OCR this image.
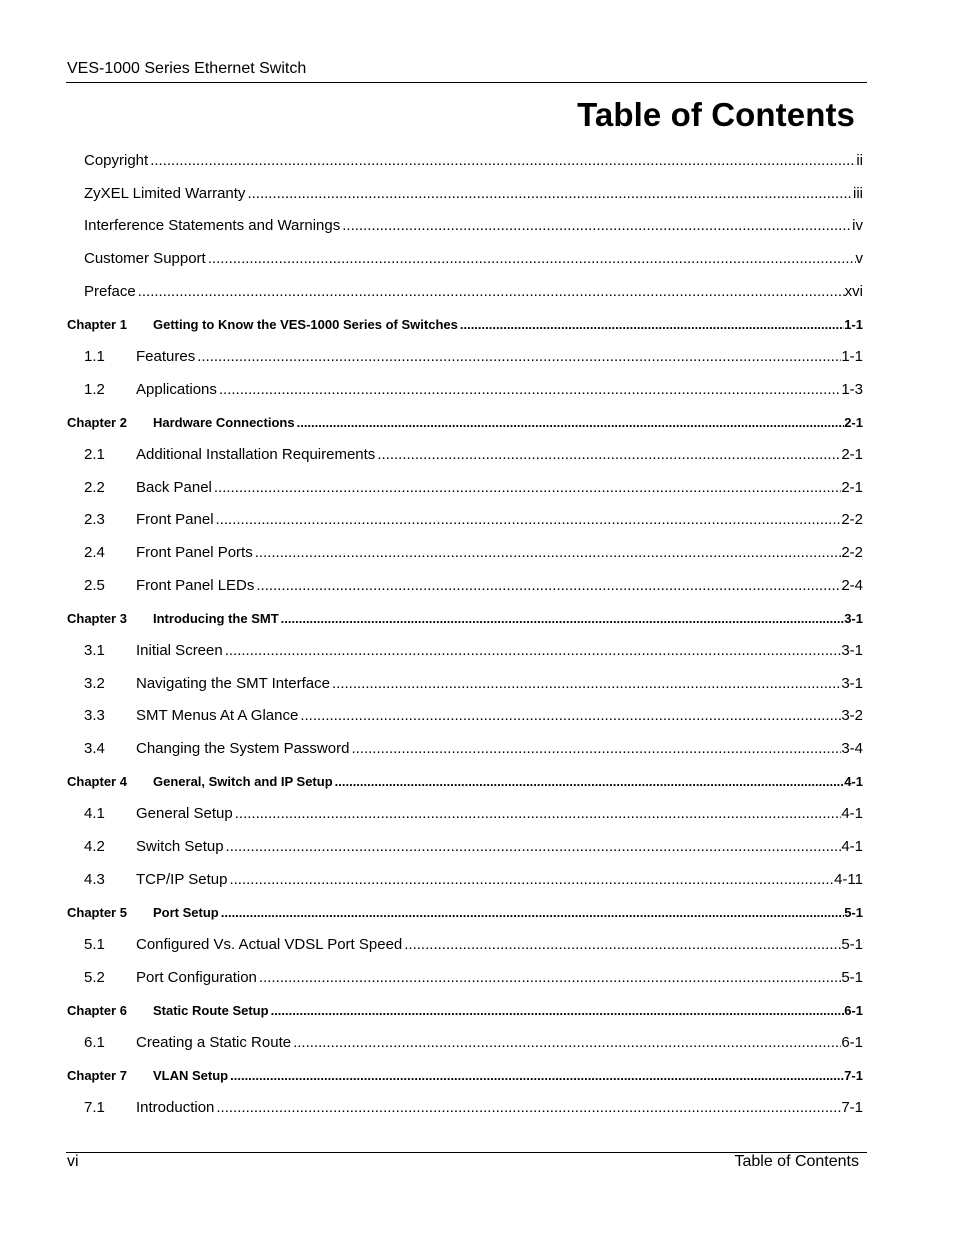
VES-1000 Series Ethernet Switch
Table of Contents
Copyright .....	ii
ZyXEL Limited Warranty .....	iii
Interference Statements and Warnings .....	iv
Customer Support .....	v
Preface .....	xvi
Chapter 1 Getting to Know the VES-1000 Series of Switches .....	1-1
1.1 Features .....	1-1
1.2 Applications .....	1-3
Chapter 2 Hardware Connections .....	2-1
2.1 Additional Installation Requirements .....	2-1
2.2 Back Panel .....	2-1
2.3 Front Panel .....	2-2
2.4 Front Panel Ports .....	2-2
2.5 Front Panel LEDs .....	2-4
Chapter 3 Introducing the SMT .....	3-1
3.1 Initial Screen .....	3-1
3.2 Navigating the SMT Interface .....	3-1
3.3 SMT Menus At A Glance .....	3-2
3.4 Changing the System Password .....	3-4
Chapter 4 General, Switch and IP Setup .....	4-1
4.1 General Setup .....	4-1
4.2 Switch Setup .....	4-1
4.3 TCP/IP Setup .....	4-11
Chapter 5 Port Setup .....	5-1
5.1 Configured Vs. Actual VDSL Port Speed .....	5-1
5.2 Port Configuration .....	5-1
Chapter 6 Static Route Setup .....	6-1
6.1 Creating a Static Route .....	6-1
Chapter 7 VLAN Setup .....	7-1
7.1 Introduction .....	7-1
vi	Table of Contents
